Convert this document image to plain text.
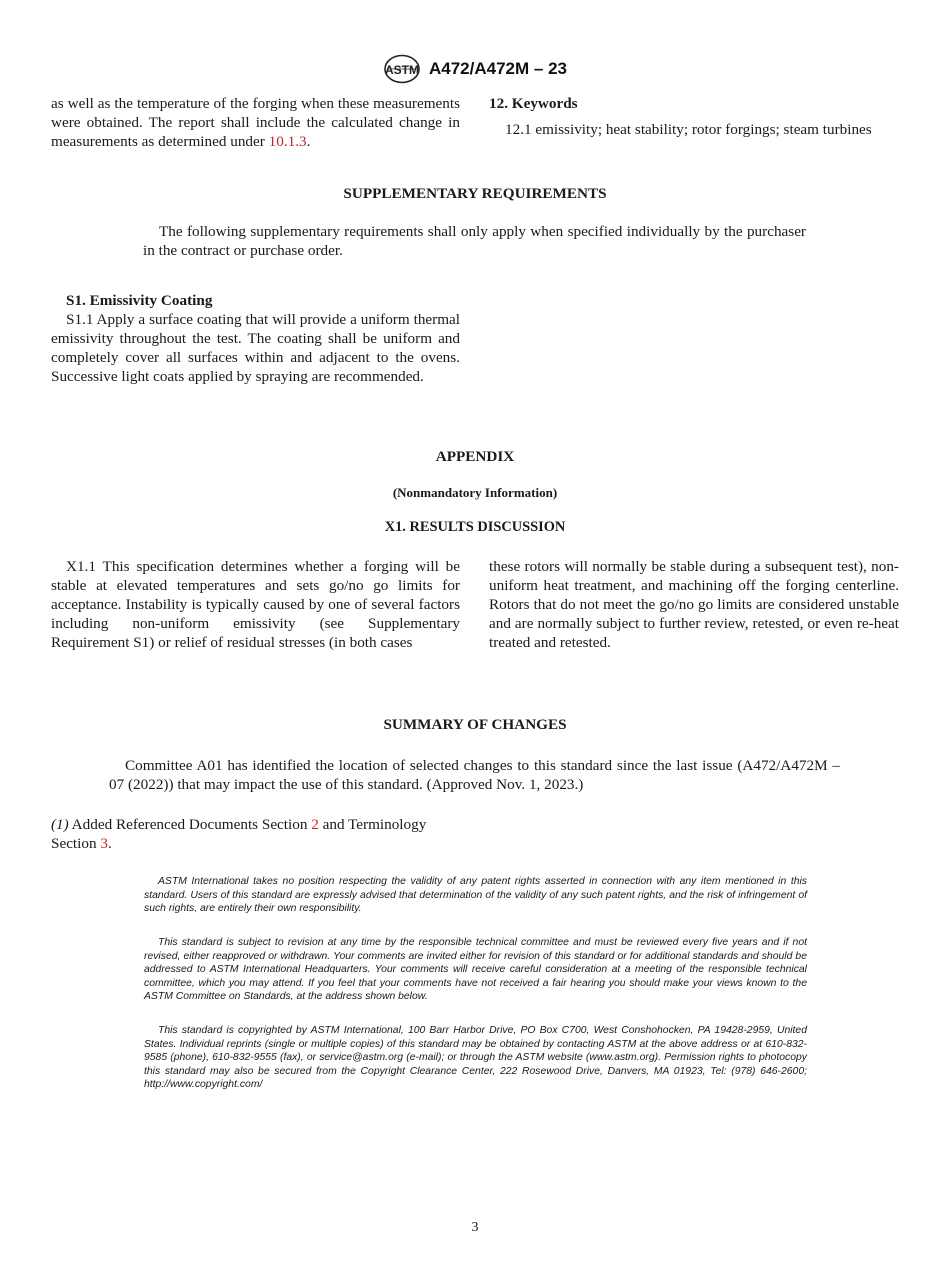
ASTM A472/A472M – 23
as well as the temperature of the forging when these measurements were obtained. The report shall include the calculated change in measurements as determined under 10.1.3.
12. Keywords
12.1 emissivity; heat stability; rotor forgings; steam turbines
SUPPLEMENTARY REQUIREMENTS
The following supplementary requirements shall only apply when specified individually by the purchaser in the contract or purchase order.
S1. Emissivity Coating
S1.1 Apply a surface coating that will provide a uniform thermal emissivity throughout the test. The coating shall be uniform and completely cover all surfaces within and adjacent to the ovens. Successive light coats applied by spraying are recommended.
APPENDIX
(Nonmandatory Information)
X1. RESULTS DISCUSSION
X1.1 This specification determines whether a forging will be stable at elevated temperatures and sets go/no go limits for acceptance. Instability is typically caused by one of several factors including non-uniform emissivity (see Supplementary Requirement S1) or relief of residual stresses (in both cases
these rotors will normally be stable during a subsequent test), non-uniform heat treatment, and machining off the forging centerline. Rotors that do not meet the go/no go limits are considered unstable and are normally subject to further review, retested, or even re-heat treated and retested.
SUMMARY OF CHANGES
Committee A01 has identified the location of selected changes to this standard since the last issue (A472/A472M – 07 (2022)) that may impact the use of this standard. (Approved Nov. 1, 2023.)
(1) Added Referenced Documents Section 2 and Terminology Section 3.
ASTM International takes no position respecting the validity of any patent rights asserted in connection with any item mentioned in this standard. Users of this standard are expressly advised that determination of the validity of any such patent rights, and the risk of infringement of such rights, are entirely their own responsibility.
This standard is subject to revision at any time by the responsible technical committee and must be reviewed every five years and if not revised, either reapproved or withdrawn. Your comments are invited either for revision of this standard or for additional standards and should be addressed to ASTM International Headquarters. Your comments will receive careful consideration at a meeting of the responsible technical committee, which you may attend. If you feel that your comments have not received a fair hearing you should make your views known to the ASTM Committee on Standards, at the address shown below.
This standard is copyrighted by ASTM International, 100 Barr Harbor Drive, PO Box C700, West Conshohocken, PA 19428-2959, United States. Individual reprints (single or multiple copies) of this standard may be obtained by contacting ASTM at the above address or at 610-832-9585 (phone), 610-832-9555 (fax), or service@astm.org (e-mail); or through the ASTM website (www.astm.org). Permission rights to photocopy this standard may also be secured from the Copyright Clearance Center, 222 Rosewood Drive, Danvers, MA 01923, Tel: (978) 646-2600; http://www.copyright.com/
3
